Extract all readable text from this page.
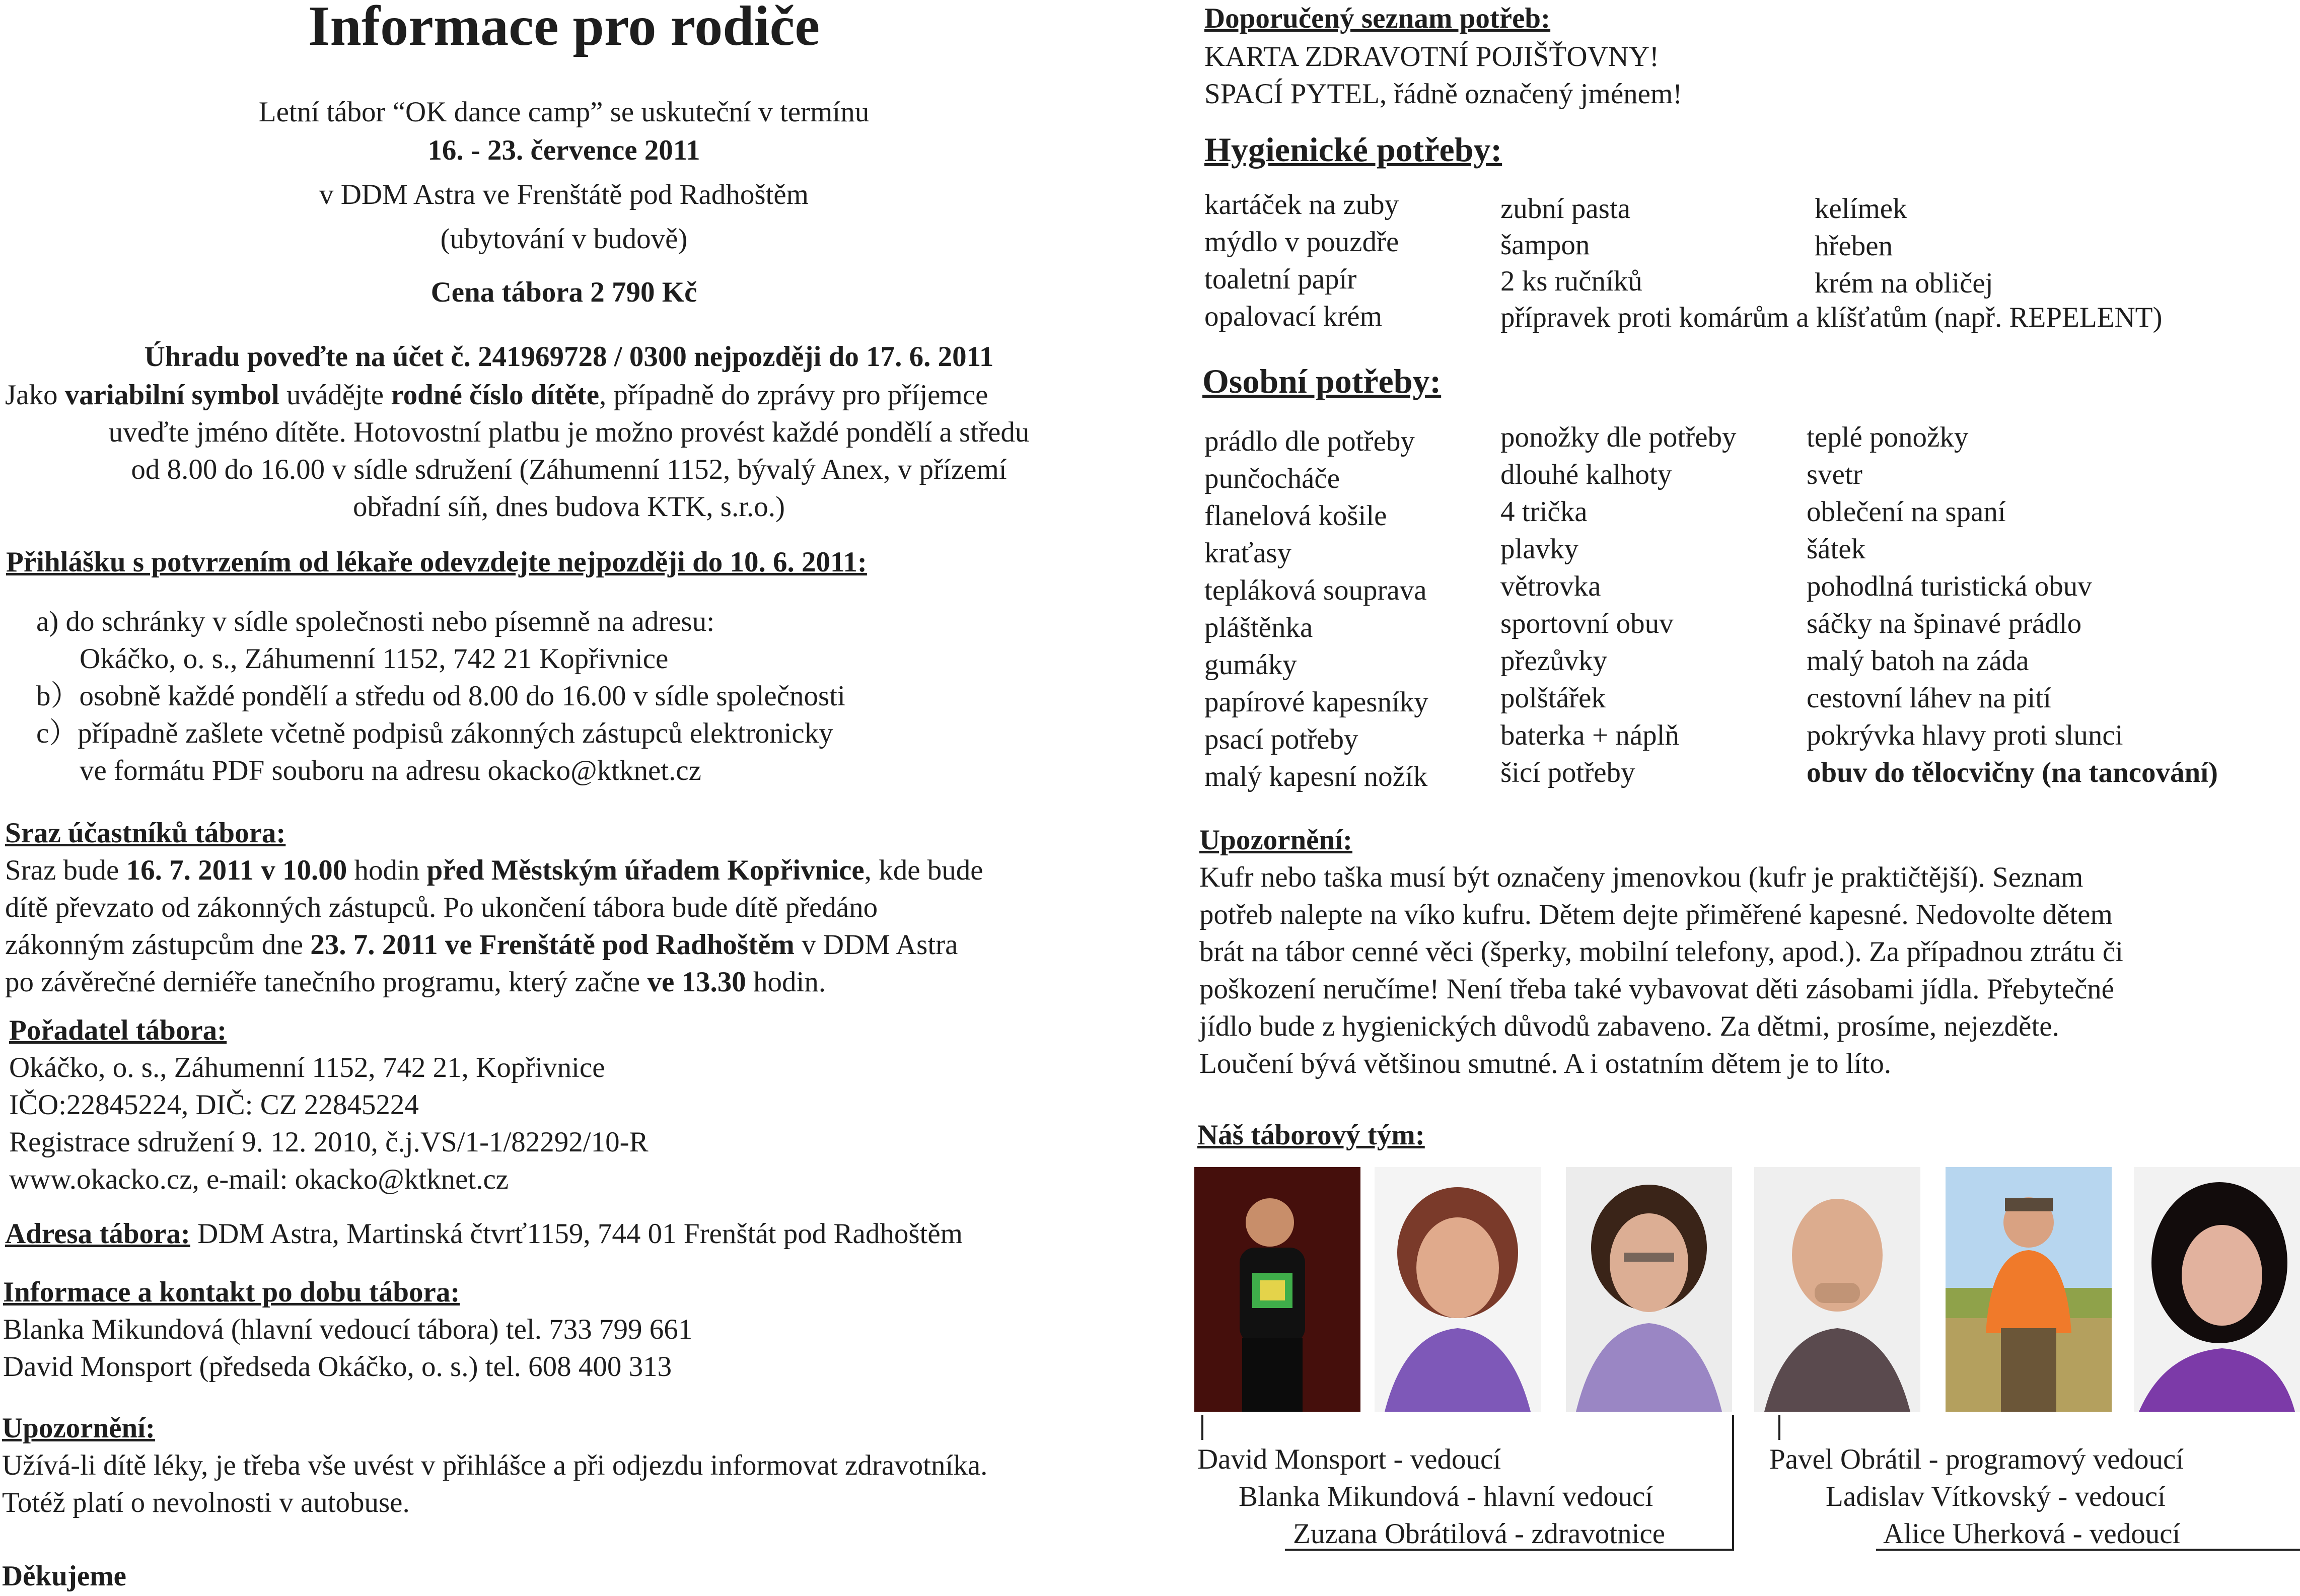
Informace pro rodiče
Letní tábor “OK dance camp” se uskuteční v termínu
16. - 23. července 2011
v DDM Astra ve Frenštátě pod Radhoštěm
(ubytování v budově)
Cena tábora 2 790 Kč
Úhradu poveďte na účet č. 241969728 / 0300 nejpozději do 17. 6. 2011
Jako variabilní symbol uvádějte rodné číslo dítěte, případně do zprávy pro příjemce
uveďte jméno dítěte. Hotovostní platbu je možno provést každé pondělí a středu
od 8.00 do 16.00 v sídle sdružení (Záhumenní 1152, bývalý Anex, v přízemí
obřadní síň, dnes budova KTK, s.r.o.)
Přihlášku s potvrzením od lékaře odevzdejte nejpozději do 10. 6. 2011:
a) do schránky v sídle společnosti nebo písemně na adresu:
Okáčko, o. s., Záhumenní 1152, 742 21 Kopřivnice
b）osobně každé pondělí a středu od 8.00 do 16.00 v sídle společnosti
c）případně zašlete včetně podpisů zákonných zástupců elektronicky
ve formátu PDF souboru na adresu okacko@ktknet.cz
Sraz účastníků tábora:
Sraz bude 16. 7. 2011 v 10.00 hodin před Městským úřadem Kopřivnice, kde bude
dítě převzato od zákonných zástupců. Po ukončení tábora bude dítě předáno
zákonným zástupcům dne 23. 7. 2011 ve Frenštátě pod Radhoštěm v DDM Astra
po závěrečné derniéře tanečního programu, který začne ve 13.30 hodin.
Pořadatel tábora:
Okáčko, o. s., Záhumenní 1152, 742 21, Kopřivnice
IČO:22845224, DIČ: CZ 22845224
Registrace sdružení 9. 12. 2010, č.j.VS/1-1/82292/10-R
www.okacko.cz, e-mail: okacko@ktknet.cz
Adresa tábora: DDM Astra, Martinská čtvrť1159, 744 01 Frenštát pod Radhoštěm
Informace a kontakt po dobu tábora:
Blanka Mikundová (hlavní vedoucí tábora) tel. 733 799 661
David Monsport (předseda Okáčko, o. s.) tel. 608 400 313
Upozornění:
Užívá-li dítě léky, je třeba vše uvést v přihlášce a při odjezdu informovat zdravotníka.
Totéž platí o nevolnosti v autobuse.
Děkujeme
Doporučený seznam potřeb:
KARTA ZDRAVOTNÍ POJIŠŤOVNY!
SPACÍ PYTEL, řádně označený jménem!
Hygienické potřeby:
kartáček na zuby
mýdlo v pouzdře
toaletní papír
opalovací krém
zubní pasta
šampon
2 ks ručníků
přípravek proti komárům a klíšťatům (např. REPELENT)
kelímek
hřeben
krém na obličej
Osobní potřeby:
prádlo dle potřeby
punčocháče
flanelová košile
kraťasy
tepláková souprava
pláštěnka
gumáky
papírové kapesníky
psací potřeby
malý kapesní nožík
ponožky dle potřeby
dlouhé kalhoty
4 trička
plavky
větrovka
sportovní obuv
přezůvky
polštářek
baterka + náplň
šicí potřeby
teplé ponožky
svetr
oblečení na spaní
šátek
pohodlná turistická obuv
sáčky na špinavé prádlo
malý batoh na záda
cestovní láhev na pití
pokrývka hlavy proti slunci
obuv do tělocvičny (na tancování)
Upozornění:
Kufr nebo taška musí být označeny jmenovkou (kufr je praktičtější). Seznam
potřeb nalepte na víko kufru. Dětem dejte přiměřené kapesné. Nedovolte dětem
brát na tábor cenné věci (šperky, mobilní telefony, apod.). Za případnou ztrátu či
poškození neručíme! Není třeba také vybavovat děti zásobami jídla. Přebytečné
jídlo bude z hygienických důvodů zabaveno. Za dětmi, prosíme, nejezděte.
Loučení bývá většinou smutné. A i ostatním dětem je to líto.
Náš táborový tým:
David Monsport - vedoucí
Blanka Mikundová - hlavní vedoucí
Zuzana Obrátilová - zdravotnice
Pavel Obrátil - programový vedoucí
Ladislav Vítkovský - vedoucí
Alice Uherková - vedoucí
